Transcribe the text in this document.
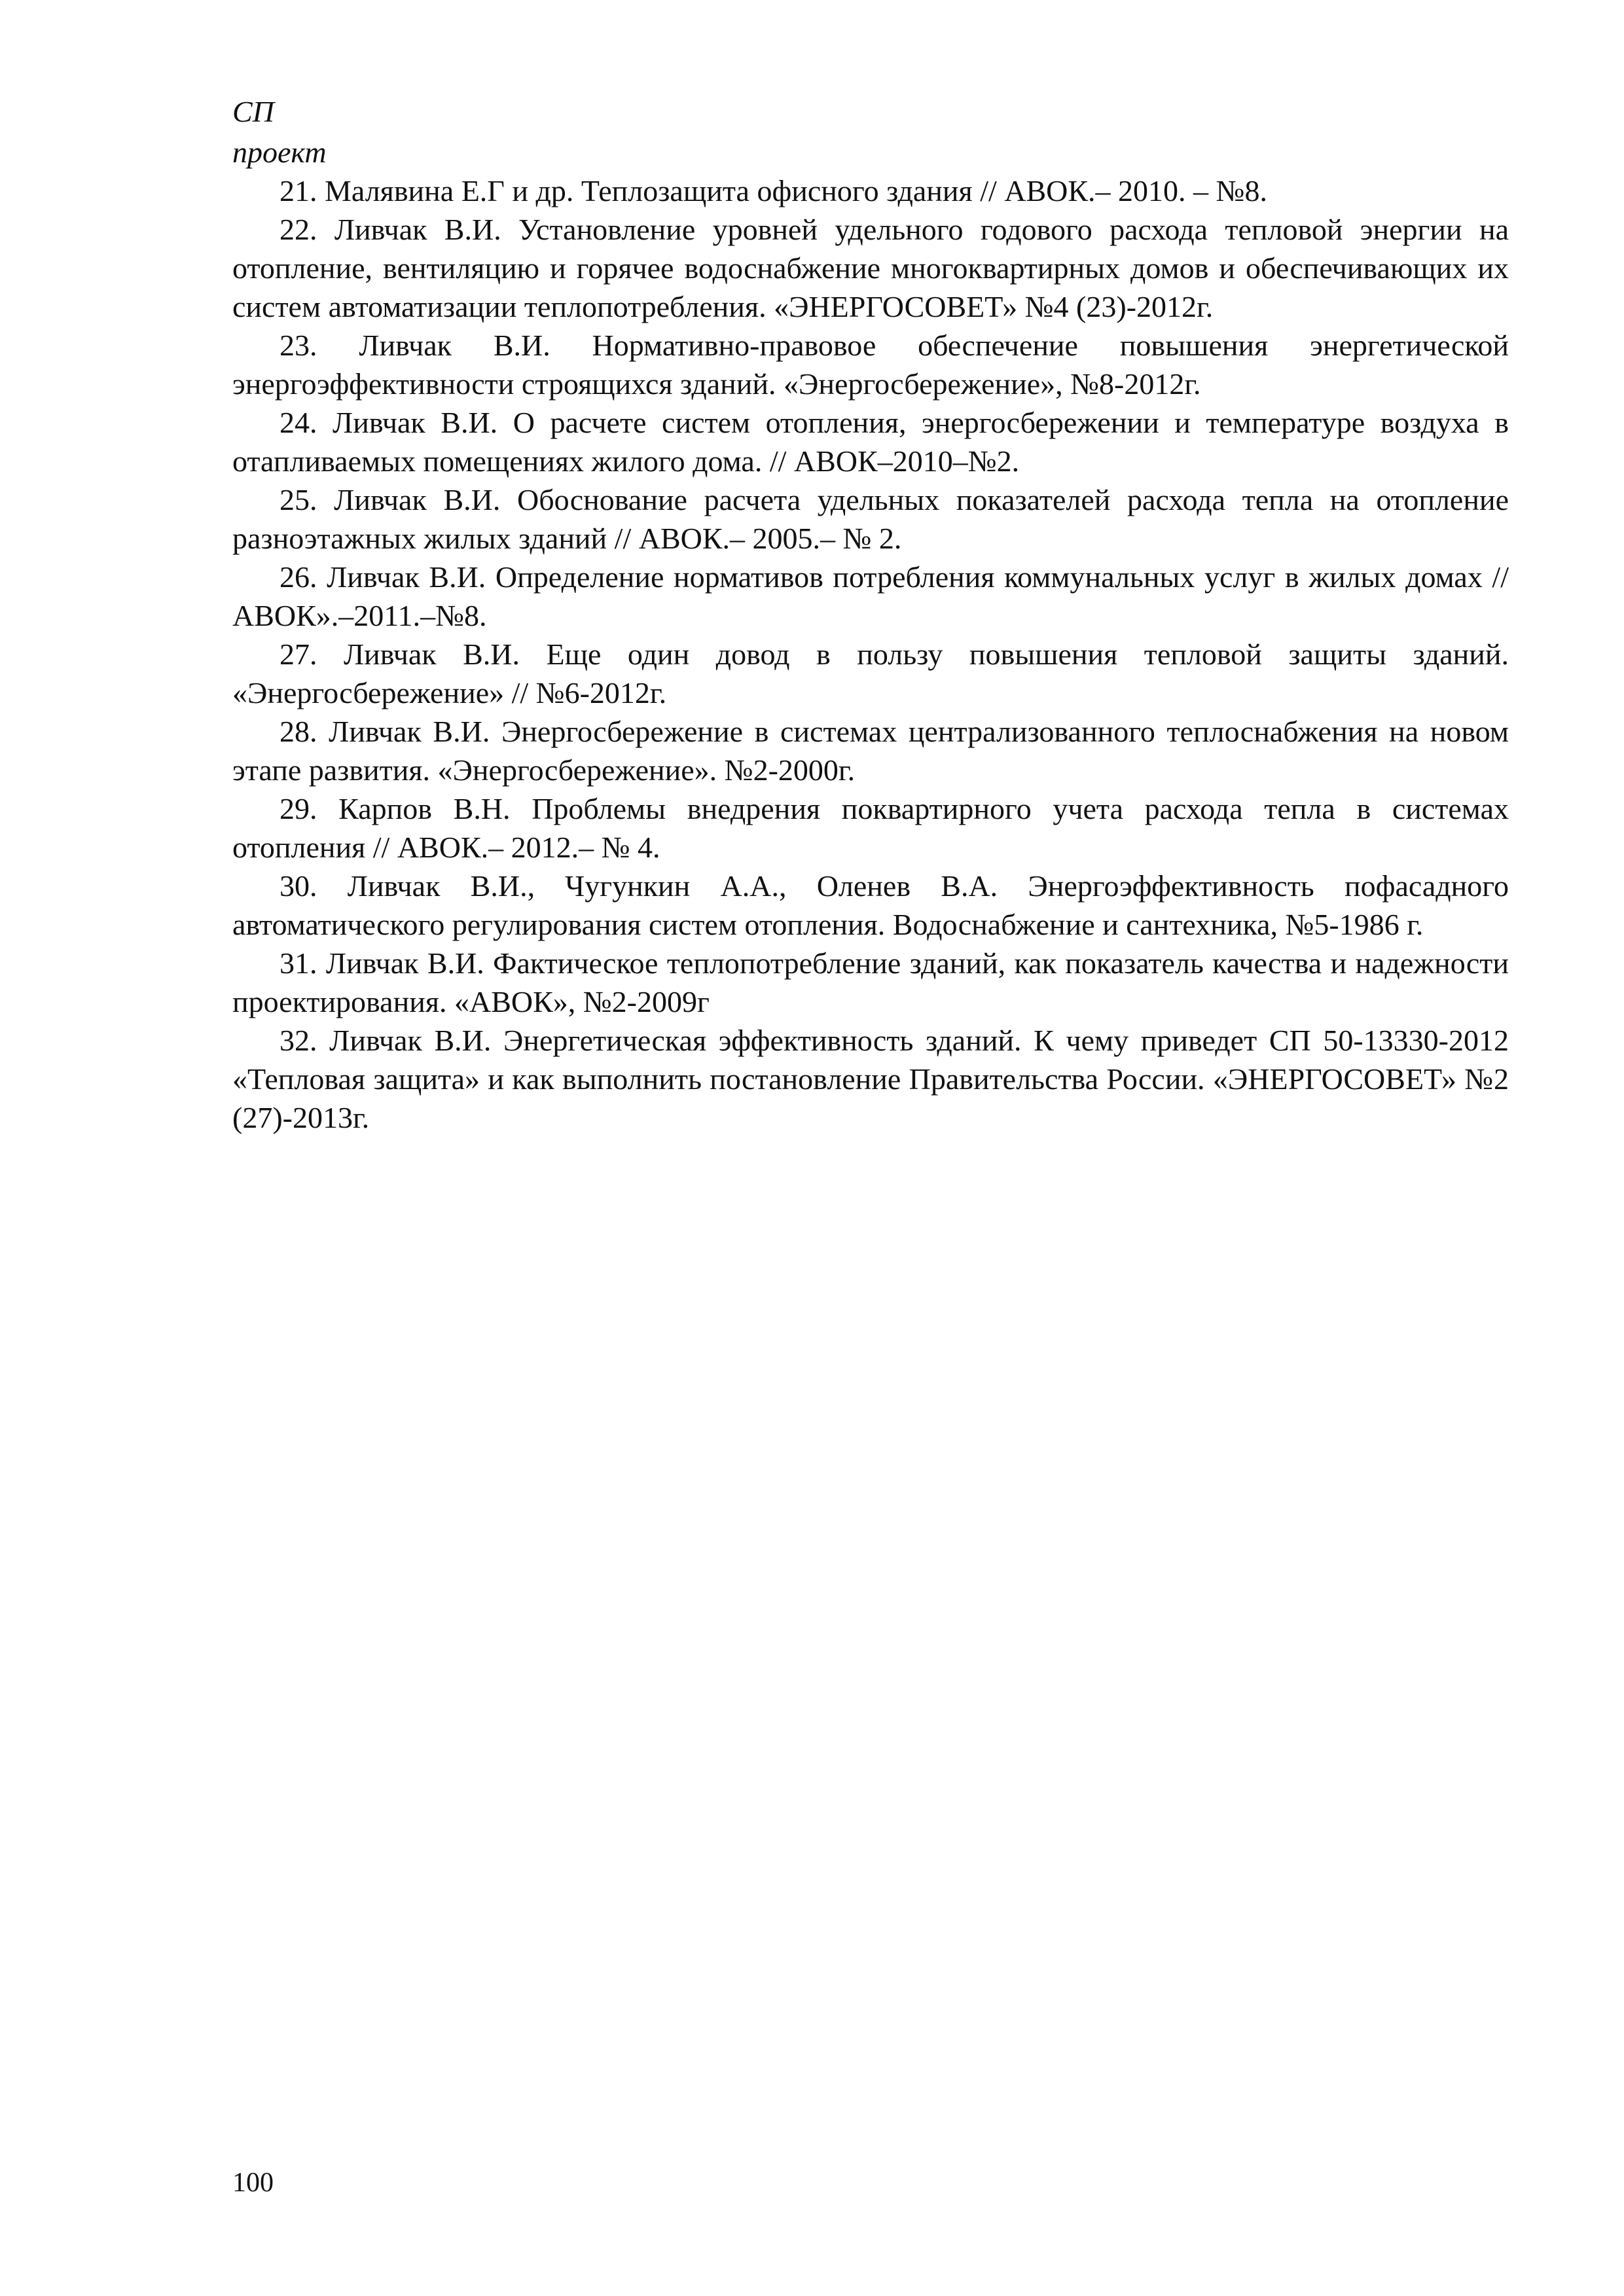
СП
проект
21. Малявина Е.Г и др. Теплозащита офисного здания // АВОК.– 2010. – №8.
22. Ливчак В.И. Установление уровней удельного годового расхода тепловой энергии на отопление, вентиляцию и горячее водоснабжение многоквартирных домов и обеспечивающих их систем автоматизации теплопотребления. «ЭНЕРГОСОВЕТ» №4 (23)-2012г.
23. Ливчак В.И. Нормативно-правовое обеспечение повышения энергетической энергоэффективности строящихся зданий. «Энергосбережение», №8-2012г.
24. Ливчак В.И. О расчете систем отопления, энергосбережении и температуре воздуха в отапливаемых помещениях жилого дома. // АВОК–2010–№2.
25. Ливчак В.И. Обоснование расчета удельных показателей расхода тепла на отопление разноэтажных жилых зданий // АВОК.– 2005.– № 2.
26. Ливчак В.И. Определение нормативов потребления коммунальных услуг в жилых домах // АВОК».–2011.–№8.
27. Ливчак В.И. Еще один довод в пользу повышения тепловой защиты зданий. «Энергосбережение» // №6-2012г.
28. Ливчак В.И. Энергосбережение в системах централизованного теплоснабжения на новом этапе развития. «Энергосбережение». №2-2000г.
29. Карпов В.Н. Проблемы внедрения поквартирного учета расхода тепла в системах отопления // АВОК.– 2012.– № 4.
30. Ливчак В.И., Чугункин А.А., Оленев В.А. Энергоэффективность пофасадного автоматического регулирования систем отопления. Водоснабжение и сантехника, №5-1986 г.
31. Ливчак В.И. Фактическое теплопотребление зданий, как показатель качества и надежности проектирования. «АВОК», №2-2009г
32. Ливчак В.И. Энергетическая эффективность зданий. К чему приведет СП 50-13330-2012 «Тепловая защита» и как выполнить постановление Правительства России. «ЭНЕРГОСОВЕТ» №2 (27)-2013г.
100
